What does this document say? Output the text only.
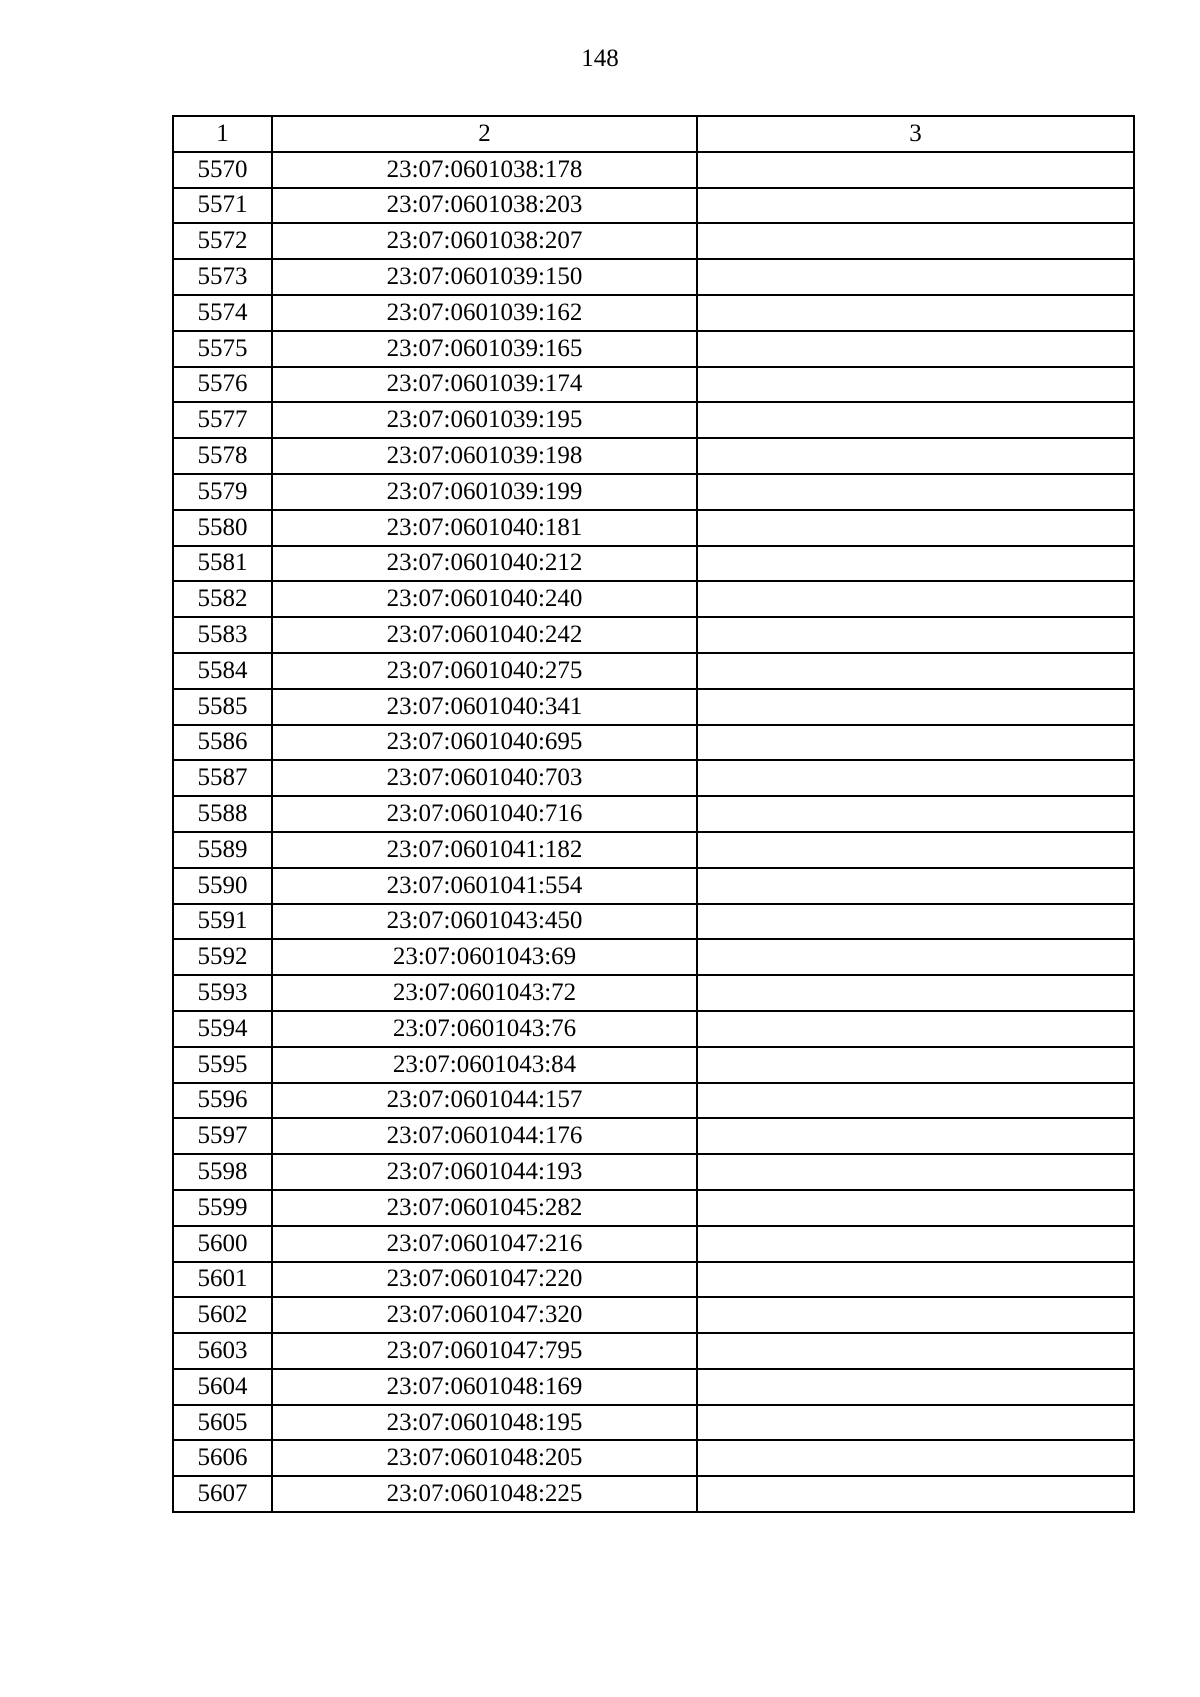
148
1	2	3
5570	23:07:0601038:178	
5571	23:07:0601038:203	
5572	23:07:0601038:207	
5573	23:07:0601039:150	
5574	23:07:0601039:162	
5575	23:07:0601039:165	
5576	23:07:0601039:174	
5577	23:07:0601039:195	
5578	23:07:0601039:198	
5579	23:07:0601039:199	
5580	23:07:0601040:181	
5581	23:07:0601040:212	
5582	23:07:0601040:240	
5583	23:07:0601040:242	
5584	23:07:0601040:275	
5585	23:07:0601040:341	
5586	23:07:0601040:695	
5587	23:07:0601040:703	
5588	23:07:0601040:716	
5589	23:07:0601041:182	
5590	23:07:0601041:554	
5591	23:07:0601043:450	
5592	23:07:0601043:69	
5593	23:07:0601043:72	
5594	23:07:0601043:76	
5595	23:07:0601043:84	
5596	23:07:0601044:157	
5597	23:07:0601044:176	
5598	23:07:0601044:193	
5599	23:07:0601045:282	
5600	23:07:0601047:216	
5601	23:07:0601047:220	
5602	23:07:0601047:320	
5603	23:07:0601047:795	
5604	23:07:0601048:169	
5605	23:07:0601048:195	
5606	23:07:0601048:205	
5607	23:07:0601048:225	
